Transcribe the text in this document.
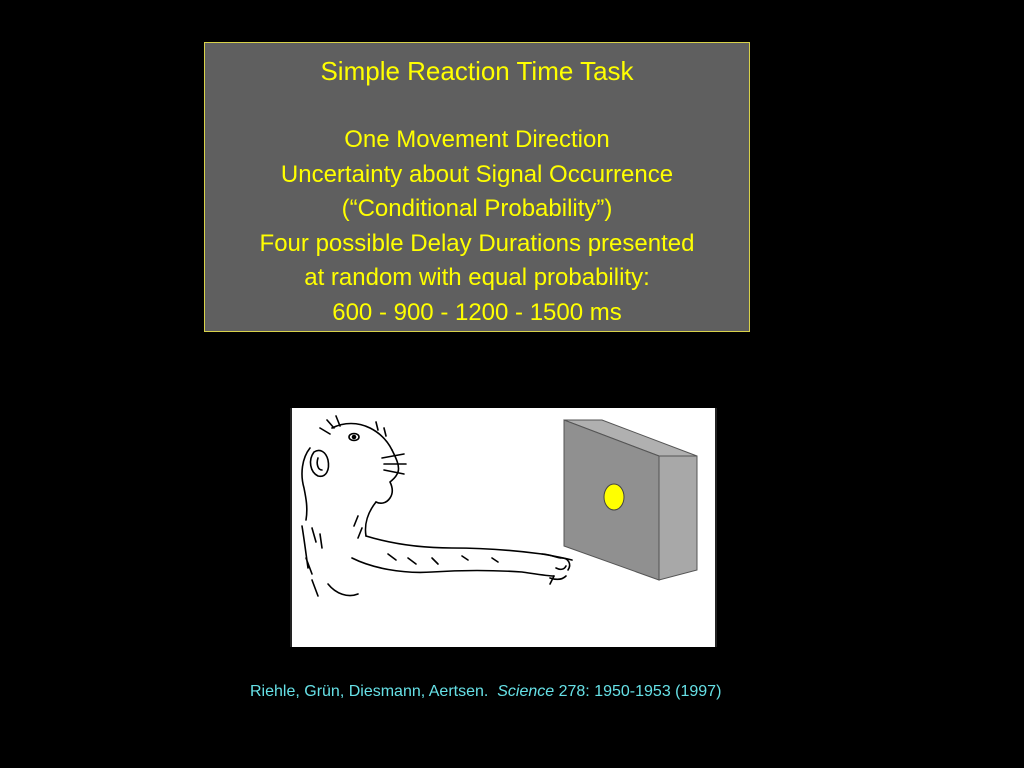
Simple Reaction Time Task
One Movement Direction
Uncertainty about Signal Occurrence
(“Conditional Probability”)
Four possible Delay Durations presented
at random with equal probability:
600 - 900 - 1200 - 1500 ms
Riehle, Grün, Diesmann, Aertsen. Science 278: 1950-1953 (1997)
